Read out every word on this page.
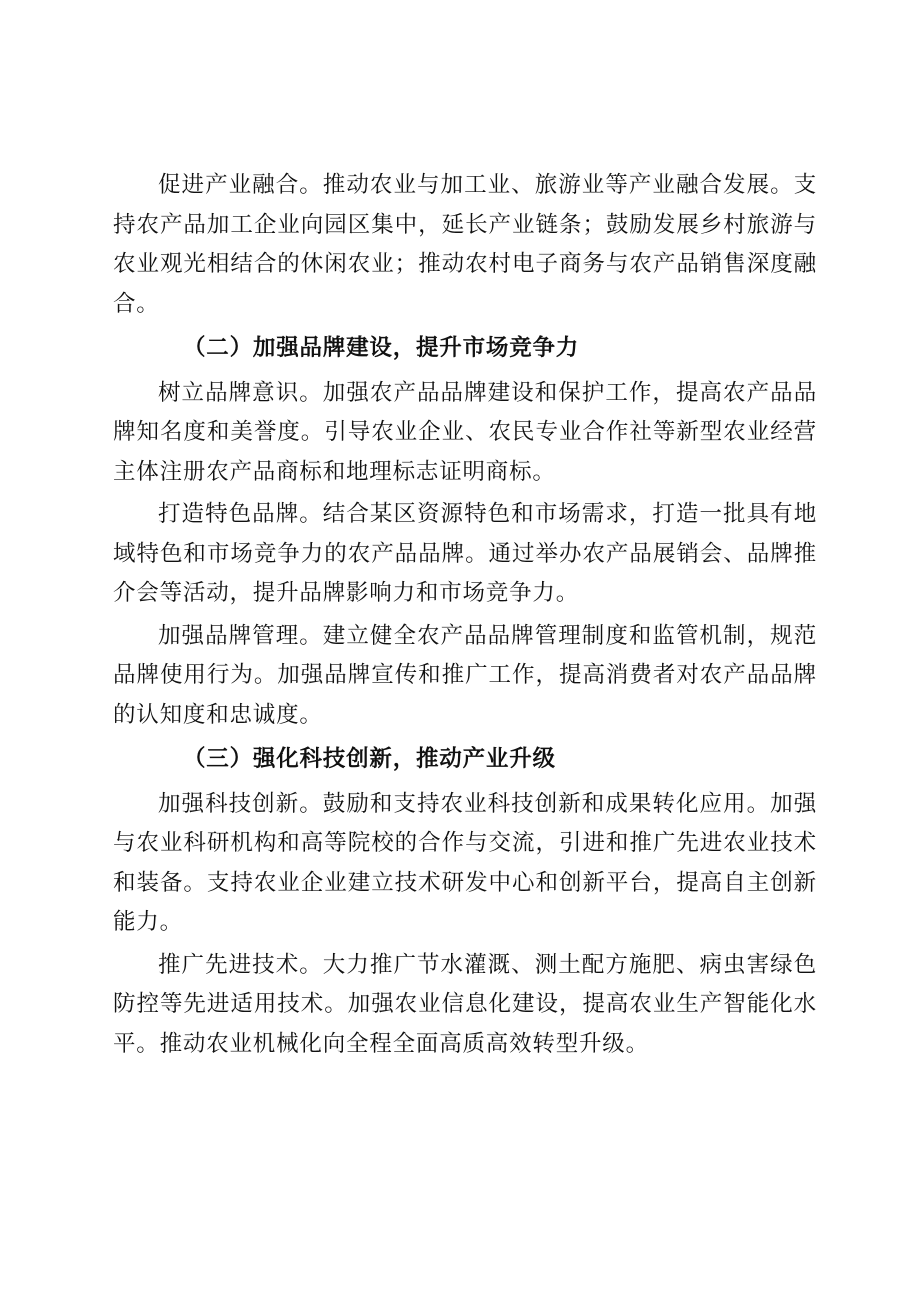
促进产业融合。推动农业与加工业、旅游业等产业融合发展。支持农产品加工企业向园区集中，延长产业链条；鼓励发展乡村旅游与农业观光相结合的休闲农业；推动农村电子商务与农产品销售深度融合。

（二）加强品牌建设，提升市场竞争力

树立品牌意识。加强农产品品牌建设和保护工作，提高农产品品牌知名度和美誉度。引导农业企业、农民专业合作社等新型农业经营主体注册农产品商标和地理标志证明商标。

打造特色品牌。结合某区资源特色和市场需求，打造一批具有地域特色和市场竞争力的农产品品牌。通过举办农产品展销会、品牌推介会等活动，提升品牌影响力和市场竞争力。

加强品牌管理。建立健全农产品品牌管理制度和监管机制，规范品牌使用行为。加强品牌宣传和推广工作，提高消费者对农产品品牌的认知度和忠诚度。

（三）强化科技创新，推动产业升级

加强科技创新。鼓励和支持农业科技创新和成果转化应用。加强与农业科研机构和高等院校的合作与交流，引进和推广先进农业技术和装备。支持农业企业建立技术研发中心和创新平台，提高自主创新能力。

推广先进技术。大力推广节水灌溉、测土配方施肥、病虫害绿色防控等先进适用技术。加强农业信息化建设，提高农业生产智能化水平。推动农业机械化向全程全面高质高效转型升级。
